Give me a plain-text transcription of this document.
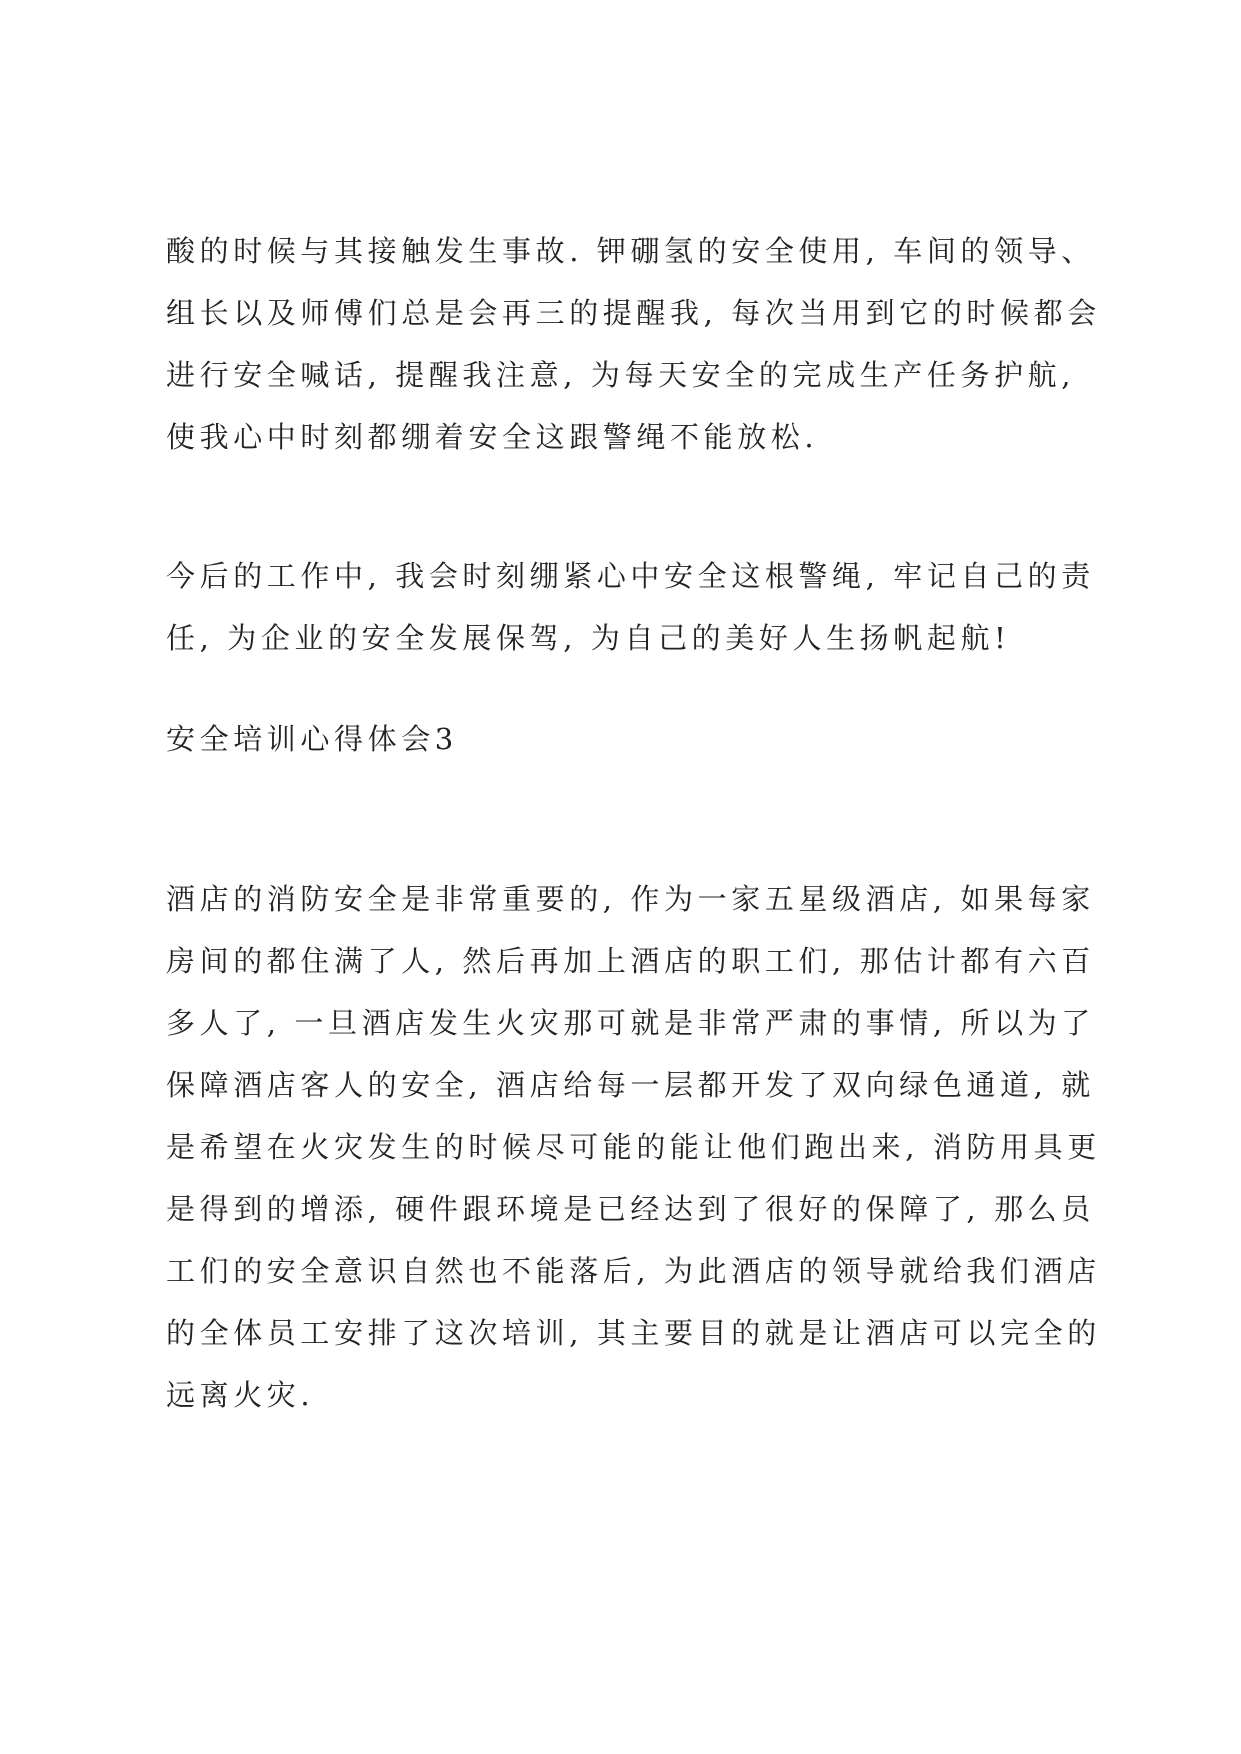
酸的时候与其接触发生事故. 钾硼氢的安全使用, 车间的领导、
组长以及师傅们总是会再三的提醒我, 每次当用到它的时候都会
进行安全喊话, 提醒我注意, 为每天安全的完成生产任务护航,
使我心中时刻都绷着安全这跟警绳不能放松.
今后的工作中, 我会时刻绷紧心中安全这根警绳, 牢记自己的责
任, 为企业的安全发展保驾, 为自己的美好人生扬帆起航!
安全培训心得体会3
酒店的消防安全是非常重要的, 作为一家五星级酒店, 如果每家
房间的都住满了人, 然后再加上酒店的职工们, 那估计都有六百
多人了, 一旦酒店发生火灾那可就是非常严肃的事情, 所以为了
保障酒店客人的安全, 酒店给每一层都开发了双向绿色通道, 就
是希望在火灾发生的时候尽可能的能让他们跑出来, 消防用具更
是得到的增添, 硬件跟环境是已经达到了很好的保障了, 那么员
工们的安全意识自然也不能落后, 为此酒店的领导就给我们酒店
的全体员工安排了这次培训, 其主要目的就是让酒店可以完全的
远离火灾.
